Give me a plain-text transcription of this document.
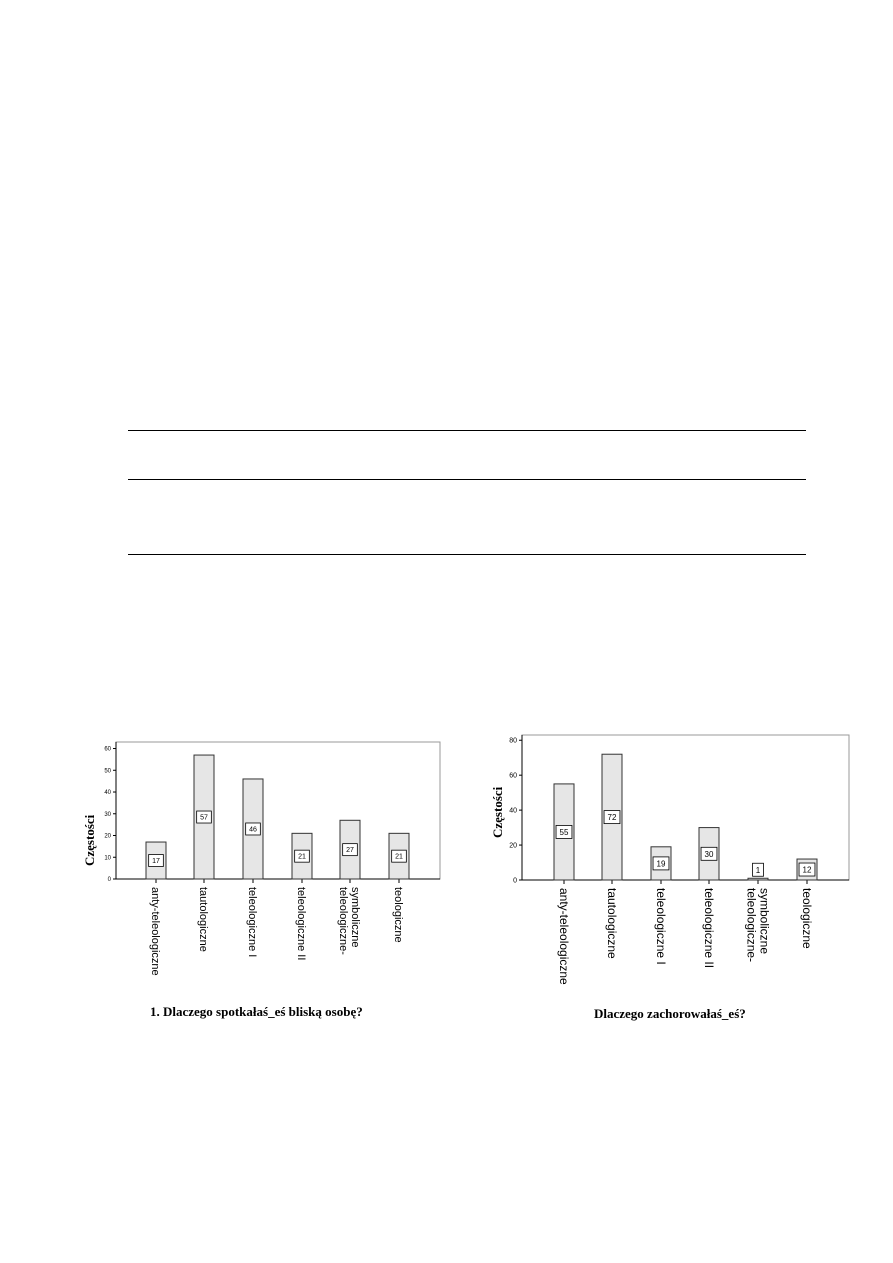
0
10
20
30
40
50
60
17
anty-teleologiczne
57
tautologiczne
46
teleologiczne I
21
teleologiczne II
27
teleologiczne- symboliczne
21
teologiczne
Częstości
1. Dlaczego spotkałaś_eś bliską osobę?
0
20
40
60
80
55
anty-teleologiczne
72
tautologiczne
19
teleologiczne I
30
teleologiczne II
1
teleologiczne- symboliczne
12
teologiczne
Częstości
Dlaczego zachorowałaś_eś?
